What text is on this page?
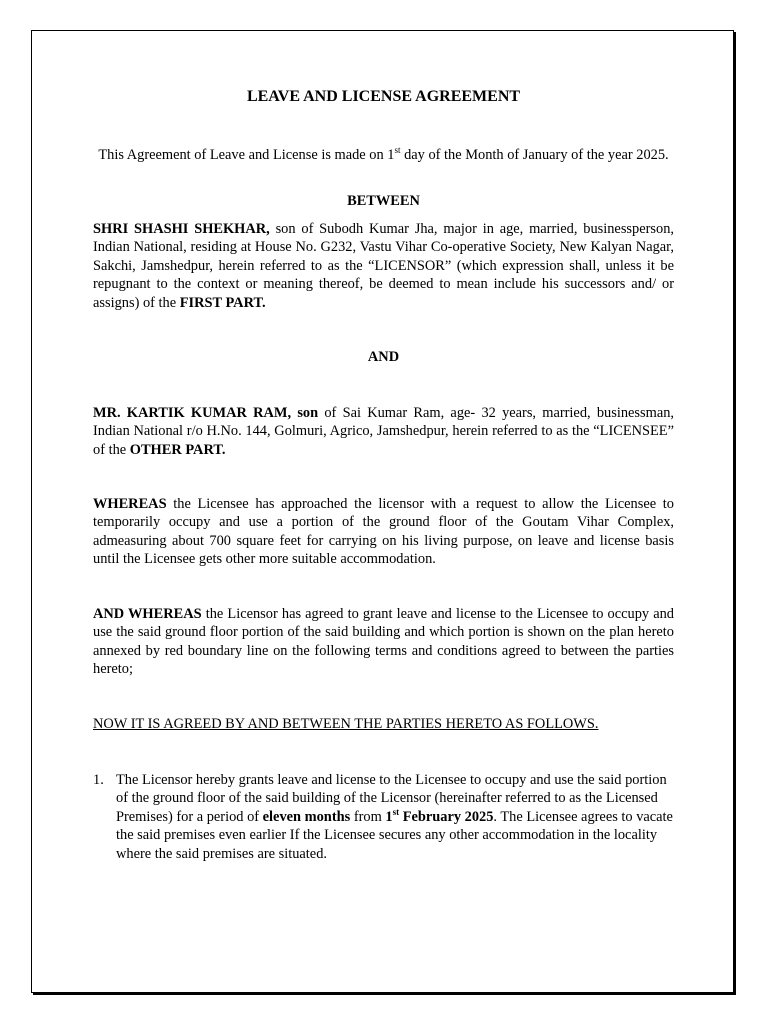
LEAVE AND LICENSE AGREEMENT

This Agreement of Leave and License is made on 1st day of the Month of January of the year 2025.

BETWEEN

SHRI SHASHI SHEKHAR, son of Subodh Kumar Jha, major in age, married, businessperson, Indian National, residing at House No. G232, Vastu Vihar Co-operative Society, New Kalyan Nagar, Sakchi, Jamshedpur, herein referred to as the “LICENSOR” (which expression shall, unless it be repugnant to the context or meaning thereof, be deemed to mean include his successors and/ or assigns) of the FIRST PART.

AND

MR. KARTIK KUMAR RAM, son of Sai Kumar Ram, age- 32 years, married, businessman, Indian National r/o H.No. 144, Golmuri, Agrico, Jamshedpur, herein referred to as the “LICENSEE” of the OTHER PART.

WHEREAS the Licensee has approached the licensor with a request to allow the Licensee to temporarily occupy and use a portion of the ground floor of the Goutam Vihar Complex, admeasuring about 700 square feet for carrying on his living purpose, on leave and license basis until the Licensee gets other more suitable accommodation.

AND WHEREAS the Licensor has agreed to grant leave and license to the Licensee to occupy and use the said ground floor portion of the said building and which portion is shown on the plan hereto annexed by red boundary line on the following terms and conditions agreed to between the parties hereto;

NOW IT IS AGREED BY AND BETWEEN THE PARTIES HERETO AS FOLLOWS.

1. The Licensor hereby grants leave and license to the Licensee to occupy and use the said portion of the ground floor of the said building of the Licensor (hereinafter referred to as the Licensed Premises) for a period of eleven months from 1st February 2025. The Licensee agrees to vacate the said premises even earlier If the Licensee secures any other accommodation in the locality where the said premises are situated.
